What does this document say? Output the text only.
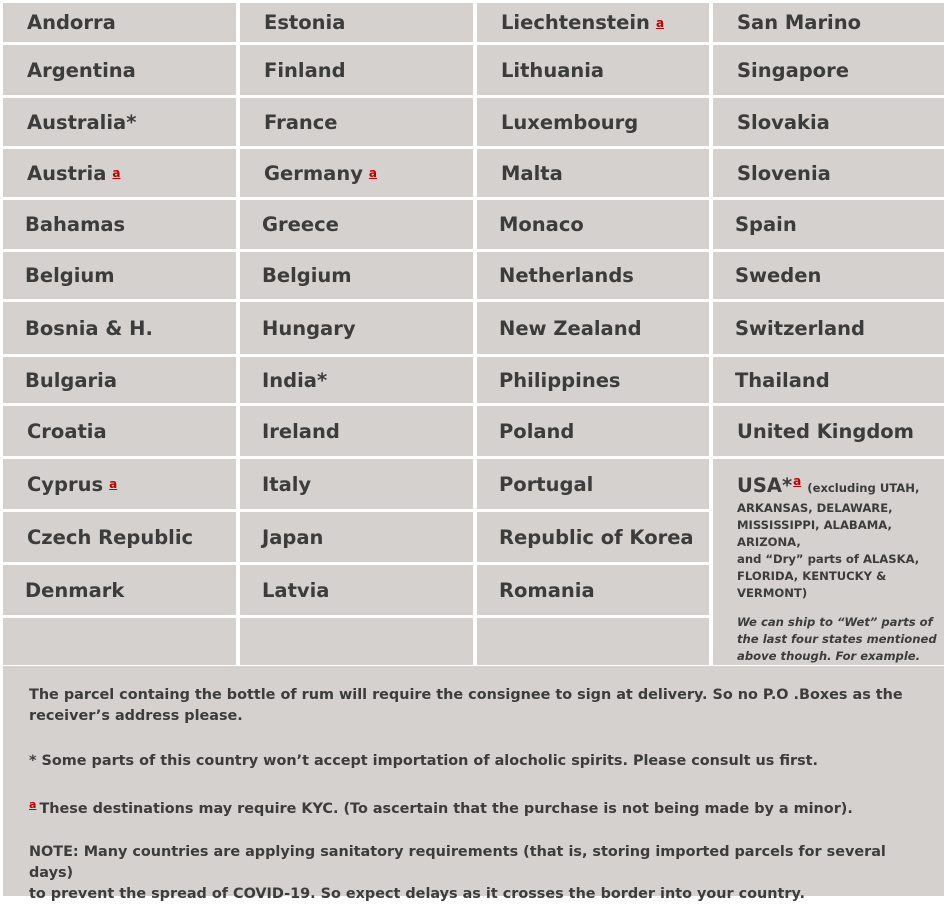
Andorra
Argentina
Australia*
Austria a
Bahamas
Belgium
Bosnia & H.
Bulgaria
Croatia
Cyprus a
Czech Republic
Denmark
Estonia
Finland
France
Germany a
Greece
Belgium
Hungary
India*
Ireland
Italy
Japan
Latvia
Liechtenstein a
Lithuania
Luxembourg
Malta
Monaco
Netherlands
New Zealand
Philippines
Poland
Portugal
Republic of Korea
Romania
San Marino
Singapore
Slovakia
Slovenia
Spain
Sweden
Switzerland
Thailand
United Kingdom
USA*$^a$ (excluding UTAH,
ARKANSAS, DELAWARE,
MISSISSIPPI, ALABAMA, ARIZONA,
and “Dry” parts of ALASKA,
FLORIDA, KENTUCKY & VERMONT)
We can ship to “Wet” parts of
the last four states mentioned
above though. For example.

The parcel containg the bottle of rum will require the consignee to sign at delivery. So no P.O .Boxes as the
receiver’s address please.

* Some parts of this country won’t accept importation of alocholic spirits. Please consult us first.

$^a$ These destinations may require KYC. (To ascertain that the purchase is not being made by a minor).

NOTE: Many countries are applying sanitatory requirements (that is, storing imported parcels for several days)
to prevent the spread of COVID-19. So expect delays as it crosses the border into your country.
